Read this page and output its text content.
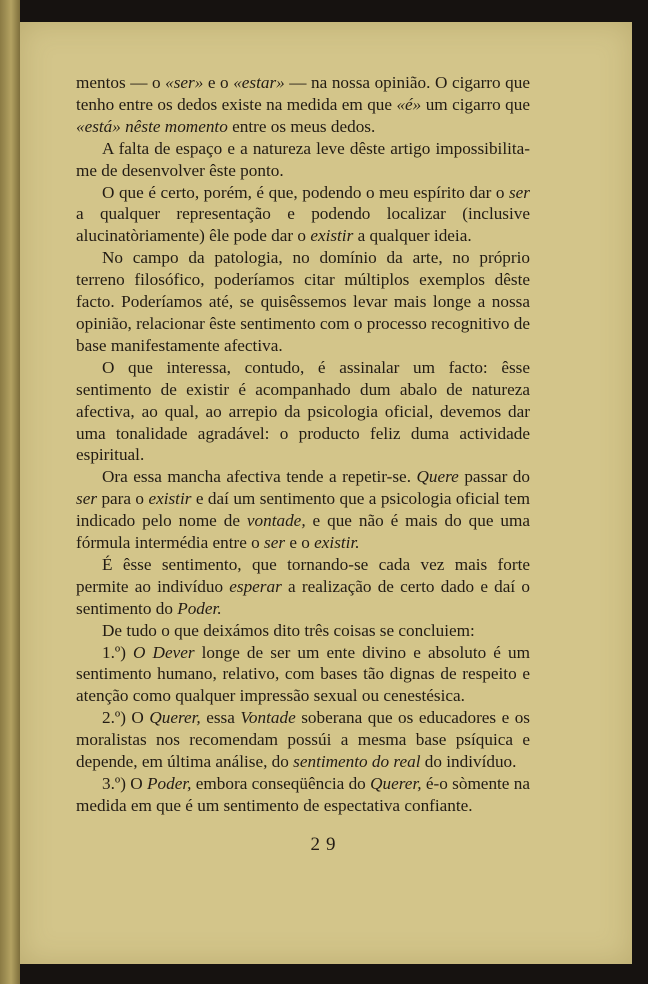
mentos — o «ser» e o «estar» — na nossa opinião. O cigarro que tenho entre os dedos existe na medida em que «é» um cigarro que «está» nêste momento entre os meus dedos.

A falta de espaço e a natureza leve dêste artigo impossibilita-me de desenvolver êste ponto.

O que é certo, porém, é que, podendo o meu espírito dar o ser a qualquer representação e podendo localizar (inclusive alucinatòriamente) êle pode dar o existir a qualquer ideia.

No campo da patologia, no domínio da arte, no próprio terreno filosófico, poderíamos citar múltiplos exemplos dêste facto. Poderíamos até, se quisêssemos levar mais longe a nossa opinião, relacionar êste sentimento com o processo recognitivo de base manifestamente afectiva.

O que interessa, contudo, é assinalar um facto: êsse sentimento de existir é acompanhado dum abalo de natureza afectiva, ao qual, ao arrepio da psicologia oficial, devemos dar uma tonalidade agradável: o producto feliz duma actividade espiritual.

Ora essa mancha afectiva tende a repetir-se. Quere passar do ser para o existir e daí um sentimento que a psicologia oficial tem indicado pelo nome de vontade, e que não é mais do que uma fórmula intermédia entre o ser e o existir.

É êsse sentimento, que tornando-se cada vez mais forte permite ao indivíduo esperar a realização de certo dado e daí o sentimento do Poder.

De tudo o que deixámos dito três coisas se concluiem:

1.º) O Dever longe de ser um ente divino e absoluto é um sentimento humano, relativo, com bases tão dignas de respeito e atenção como qualquer impressão sexual ou cenestésica.

2.º) O Querer, essa Vontade soberana que os educadores e os moralistas nos recomendam possúi a mesma base psíquica e depende, em última análise, do sentimento do real do indivíduo.

3.º) O Poder, embora conseqüência do Querer, é-o sòmente na medida em que é um sentimento de espectativa confiante.

29
